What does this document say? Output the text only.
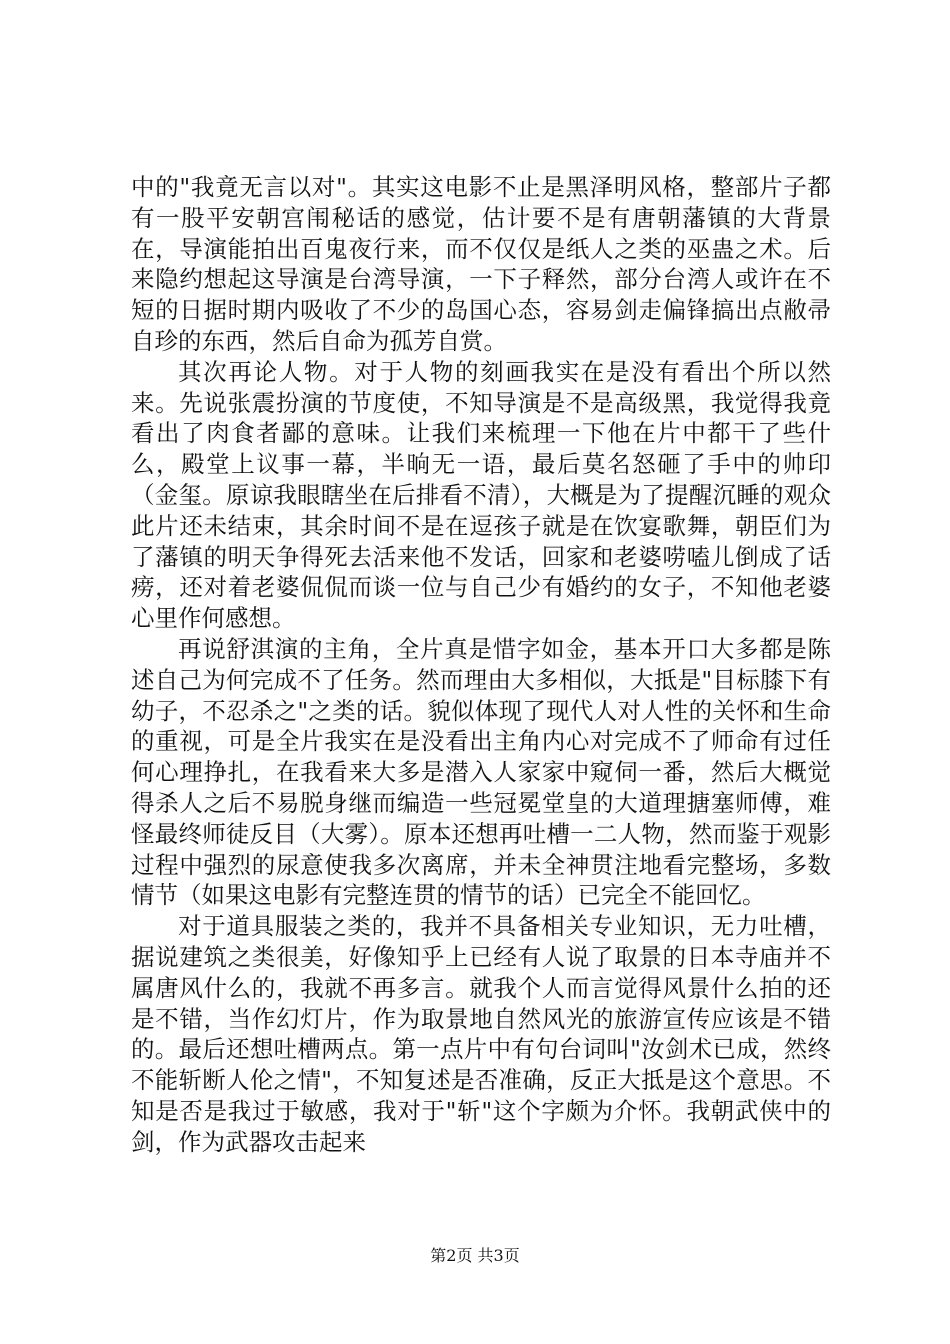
中的"我竟无言以对"。其实这电影不止是黑泽明风格，整部片子都有一股平安朝宫闱秘话的感觉，估计要不是有唐朝藩镇的大背景在，导演能拍出百鬼夜行来，而不仅仅是纸人之类的巫蛊之术。后来隐约想起这导演是台湾导演，一下子释然，部分台湾人或许在不短的日据时期内吸收了不少的岛国心态，容易剑走偏锋搞出点敝帚自珍的东西，然后自命为孤芳自赏。

其次再论人物。对于人物的刻画我实在是没有看出个所以然来。先说张震扮演的节度使，不知导演是不是高级黑，我觉得我竟看出了肉食者鄙的意味。让我们来梳理一下他在片中都干了些什么，殿堂上议事一幕，半晌无一语，最后莫名怒砸了手中的帅印（金玺。原谅我眼瞎坐在后排看不清），大概是为了提醒沉睡的观众此片还未结束，其余时间不是在逗孩子就是在饮宴歌舞，朝臣们为了藩镇的明天争得死去活来他不发话，回家和老婆唠嗑儿倒成了话痨，还对着老婆侃侃而谈一位与自己少有婚约的女子，不知他老婆心里作何感想。

再说舒淇演的主角，全片真是惜字如金，基本开口大多都是陈述自己为何完成不了任务。然而理由大多相似，大抵是"目标膝下有幼子，不忍杀之"之类的话。貌似体现了现代人对人性的关怀和生命的重视，可是全片我实在是没看出主角内心对完成不了师命有过任何心理挣扎，在我看来大多是潜入人家家中窥伺一番，然后大概觉得杀人之后不易脱身继而编造一些冠冕堂皇的大道理搪塞师傅，难怪最终师徒反目（大雾）。原本还想再吐槽一二人物，然而鉴于观影过程中强烈的尿意使我多次离席，并未全神贯注地看完整场，多数情节（如果这电影有完整连贯的情节的话）已完全不能回忆。

对于道具服装之类的，我并不具备相关专业知识，无力吐槽，据说建筑之类很美，好像知乎上已经有人说了取景的日本寺庙并不属唐风什么的，我就不再多言。就我个人而言觉得风景什么拍的还是不错，当作幻灯片，作为取景地自然风光的旅游宣传应该是不错的。最后还想吐槽两点。第一点片中有句台词叫"汝剑术已成，然终不能斩断人伦之情"，不知复述是否准确，反正大抵是这个意思。不知是否是我过于敏感，我对于"斩"这个字颇为介怀。我朝武侠中的剑，作为武器攻击起来

第2页 共3页
